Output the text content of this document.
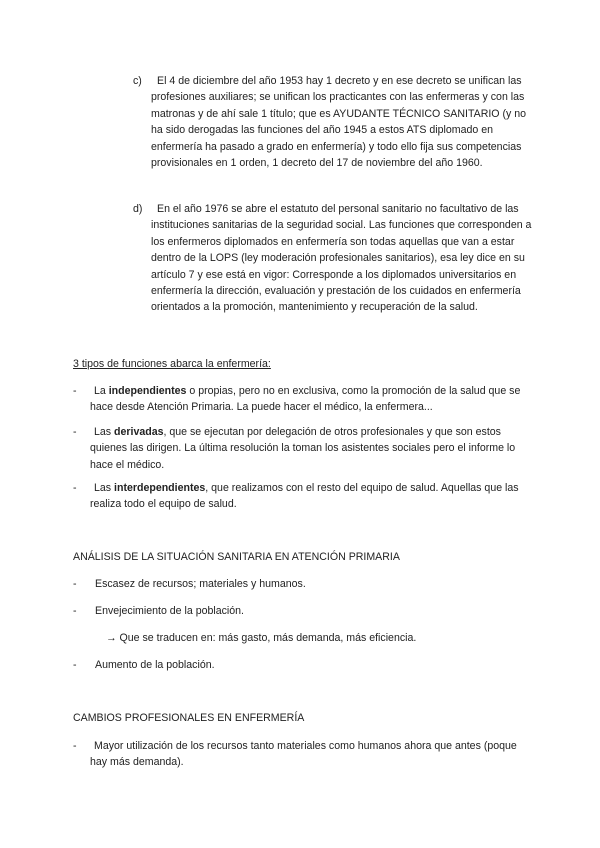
c)	El 4 de diciembre del año 1953 hay 1 decreto y en ese decreto se unifican las profesiones auxiliares; se unifican los practicantes con las enfermeras y con las matronas y de ahí sale 1 título; que es AYUDANTE TÉCNICO SANITARIO (y no ha sido derogadas las funciones del año 1945 a estos ATS diplomado en enfermería ha pasado a grado en enfermería) y todo ello fija sus competencias provisionales en 1 orden, 1 decreto del 17 de noviembre del año 1960.

d)	En el año 1976 se abre el estatuto del personal sanitario no facultativo de las instituciones sanitarias de la seguridad social. Las funciones que corresponden a los enfermeros diplomados en enfermería son todas aquellas que van a estar dentro de la LOPS (ley moderación profesionales sanitarios), esa ley dice en su artículo 7 y ese está en vigor: Corresponde a los diplomados universitarios en enfermería la dirección, evaluación y prestación de los cuidados en enfermería orientados a la promoción, mantenimiento y recuperación de la salud.

3 tipos de funciones abarca la enfermería:
-	La independientes o propias, pero no en exclusiva, como la promoción de la salud que se hace desde Atención Primaria. La puede hacer el médico, la enfermera...

-	Las derivadas, que se ejecutan por delegación de otros profesionales y que son estos quienes las dirigen. La última resolución la toman los asistentes sociales pero el informe lo hace el médico.

-	Las interdependientes, que realizamos con el resto del equipo de salud. Aquellas que las realiza todo el equipo de salud.

ANÁLISIS DE LA SITUACIÓN SANITARIA EN ATENCIÓN PRIMARIA
- Escasez de recursos; materiales y humanos.
- Envejecimiento de la población.
→ Que se traducen en: más gasto, más demanda, más eficiencia.
- Aumento de la población.
CAMBIOS PROFESIONALES EN ENFERMERÍA
-	Mayor utilización de los recursos tanto materiales como humanos ahora que antes (poque hay más demanda).
